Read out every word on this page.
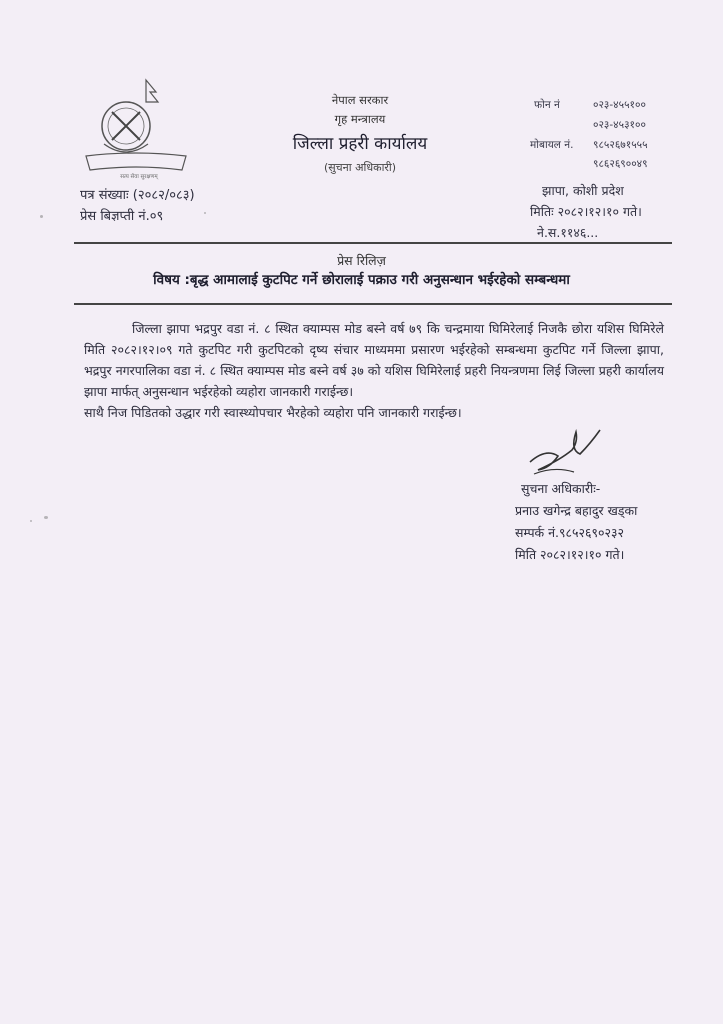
सत्य सेवा सुरक्षणम्
पत्र संख्याः (२०८२/०८३)
प्रेस बिज्ञप्ती नं.०९
नेपाल सरकार
गृह मन्त्रालय
जिल्ला प्रहरी कार्यालय
(सुचना अधिकारी)
फोन नं	०२३-४५५१००
०२३-४५३१००
मोबायल नं. ९८५२६७१५५५
९८६२६९००४९
झापा, कोशी प्रदेश
मितिः २०८२।१२।१० गते।
ने.स.११४६...
प्रेस रिलिज़
विषय :बृद्ध आमालाई कुटपिट गर्ने छोरालाई पक्राउ गरी अनुसन्धान भईरहेको सम्बन्धमा

जिल्ला झापा भद्रपुर वडा नं. ८ स्थित क्याम्पस मोड बस्ने वर्ष ७९ कि चन्द्रमाया घिमिरेलाई निजकै छोरा यशिस घिमिरेले मिति २०८२।१२।०९ गते कुटपिट गरी कुटपिटको दृष्य संचार माध्यममा प्रसारण भईरहेको सम्बन्धमा कुटपिट गर्ने जिल्ला झापा, भद्रपुर नगरपालिका वडा नं. ८ स्थित क्याम्पस मोड बस्ने वर्ष ३७ को यशिस घिमिरेलाई प्रहरी नियन्त्रणमा लिई जिल्ला प्रहरी कार्यालय झापा मार्फत् अनुसन्धान भईरहेको व्यहोरा जानकारी गराईन्छ।

साथै निज पिडितको उद्धार गरी स्वास्थ्योपचार भैरहेको व्यहोरा पनि जानकारी गराईन्छ।

सुचना अधिकारीः-
प्रनाउ खगेन्द्र बहादुर खड्का
सम्पर्क नं.९८५२६९०२३२
मिति २०८२।१२।१० गते।
